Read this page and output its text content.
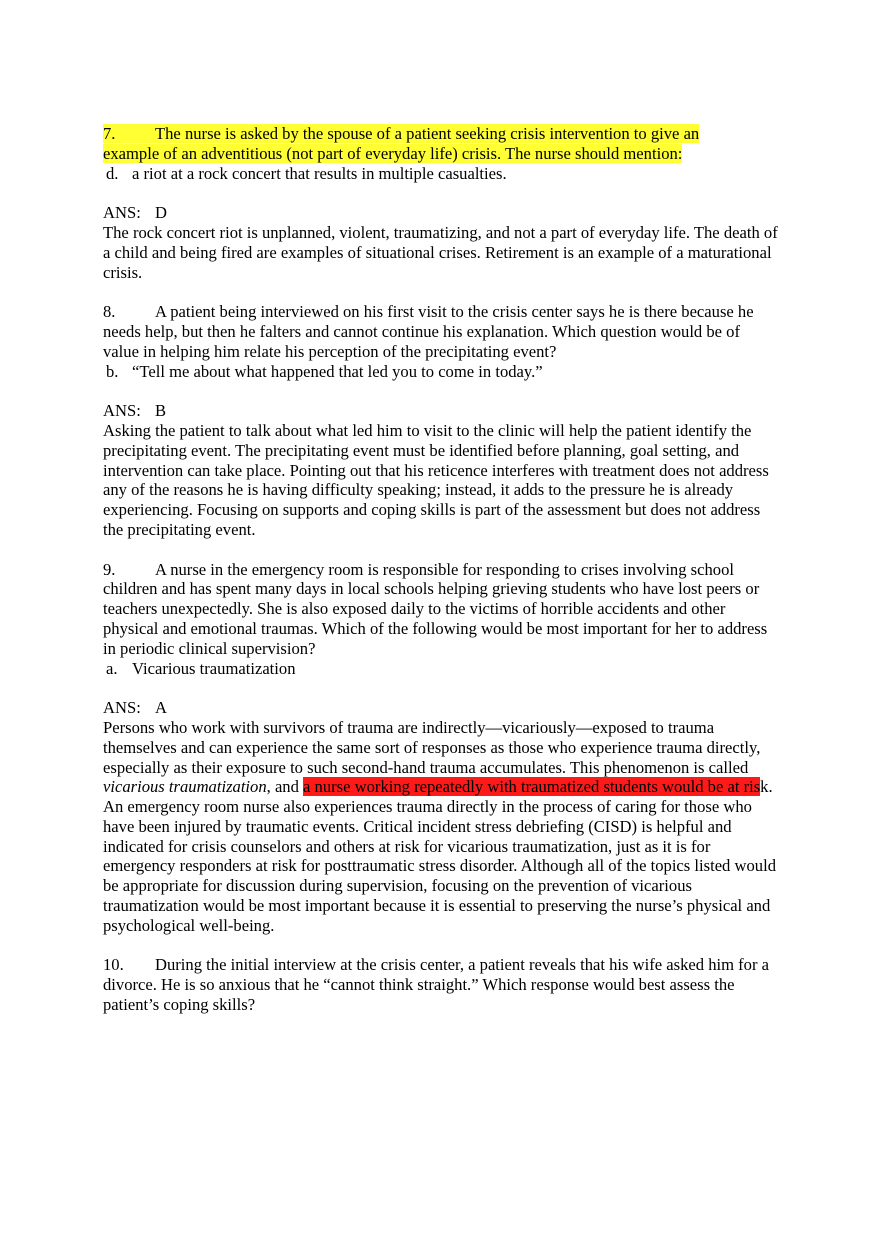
7. The nurse is asked by the spouse of a patient seeking crisis intervention to give an
example of an adventitious (not part of everyday life) crisis. The nurse should mention:

d. a riot at a rock concert that results in multiple casualties.

ANS: D

The rock concert riot is unplanned, violent, traumatizing, and not a part of everyday life. The death of a child and being fired are examples of situational crises. Retirement is an example of a maturational crisis.

8. A patient being interviewed on his first visit to the crisis center says he is there because he needs help, but then he falters and cannot continue his explanation. Which question would be of value in helping him relate his perception of the precipitating event?

b. “Tell me about what happened that led you to come in today.”

ANS: B

Asking the patient to talk about what led him to visit to the clinic will help the patient identify the precipitating event. The precipitating event must be identified before planning, goal setting, and intervention can take place. Pointing out that his reticence interferes with treatment does not address any of the reasons he is having difficulty speaking; instead, it adds to the pressure he is already experiencing. Focusing on supports and coping skills is part of the assessment but does not address the precipitating event.

9. A nurse in the emergency room is responsible for responding to crises involving school children and has spent many days in local schools helping grieving students who have lost peers or teachers unexpectedly. She is also exposed daily to the victims of horrible accidents and other physical and emotional traumas. Which of the following would be most important for her to address in periodic clinical supervision?

a. Vicarious traumatization

ANS: A

Persons who work with survivors of trauma are indirectly—vicariously—exposed to trauma themselves and can experience the same sort of responses as those who experience trauma directly, especially as their exposure to such second-hand trauma accumulates. This phenomenon is called vicarious traumatization, and a nurse working repeatedly with traumatized students would be at risk. An emergency room nurse also experiences trauma directly in the process of caring for those who have been injured by traumatic events. Critical incident stress debriefing (CISD) is helpful and indicated for crisis counselors and others at risk for vicarious traumatization, just as it is for emergency responders at risk for posttraumatic stress disorder. Although all of the topics listed would be appropriate for discussion during supervision, focusing on the prevention of vicarious traumatization would be most important because it is essential to preserving the nurse’s physical and psychological well-being.

10. During the initial interview at the crisis center, a patient reveals that his wife asked him for a divorce. He is so anxious that he “cannot think straight.” Which response would best assess the patient’s coping skills?
